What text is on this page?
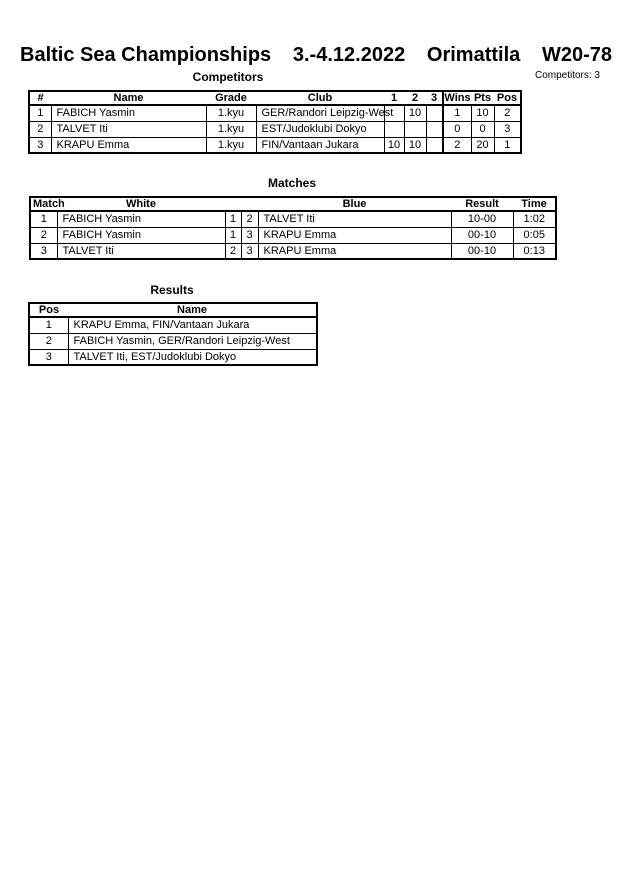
Baltic Sea Championships 3.-4.12.2022 Orimattila W20-78
Competitors	Competitors: 3
#	Name	Grade	Club	1	2	3	Wins	Pts	Pos
1	FABICH Yasmin	1.kyu	GER/Randori Leipzig-West		10		1	10	2
2	TALVET Iti	1.kyu	EST/Judoklubi Dokyo				0	0	3
3	KRAPU Emma	1.kyu	FIN/Vantaan Jukara	10	10		2	20	1
Matches
Match	White			Blue	Result	Time
1	FABICH Yasmin	1	2	TALVET Iti	10-00	1:02
2	FABICH Yasmin	1	3	KRAPU Emma	00-10	0:05
3	TALVET Iti	2	3	KRAPU Emma	00-10	0:13
Results
Pos	Name
1	KRAPU Emma, FIN/Vantaan Jukara
2	FABICH Yasmin, GER/Randori Leipzig-West
3	TALVET Iti, EST/Judoklubi Dokyo
